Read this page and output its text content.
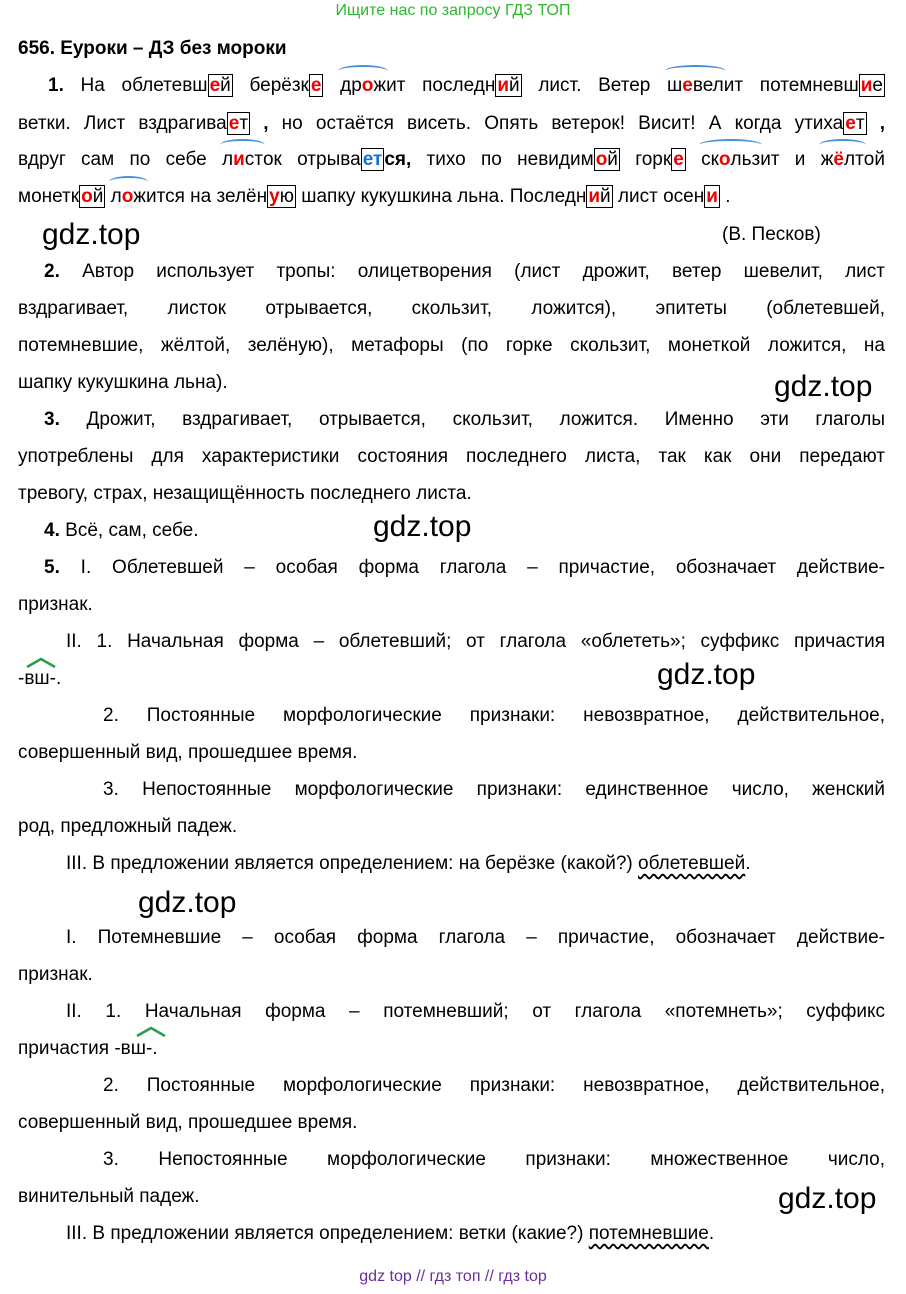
Ищите нас по запросу ГДЗ ТОП
656. Еуроки – ДЗ без мороки
1. На облетевш ей берёзк е дрожит последн ий лист. Ветер шевелит потемневш ие
ветки. Лист вздрагива ет , но остаётся висеть. Опять ветерок! Висит! А когда утиха ет ,
вдруг сам по себе листок отрыва ет ся, тихо по невидим ой горк е скользит и жёлтой
монетк ой ложится на зелён ую шапку кукушкина льна. Последн ий лист осен и .
gdz.top	(В. Песков)
2. Автор использует тропы: олицетворения (лист дрожит, ветер шевелит, лист
вздрагивает, листок отрывается, скользит, ложится), эпитеты (облетевшей,
потемневшие, жёлтой, зелёную), метафоры (по горке скользит, монеткой ложится, на
шапку кукушкина льна).	gdz.top
3. Дрожит, вздрагивает, отрывается, скользит, ложится. Именно эти глаголы
употреблены для характеристики состояния последнего листа, так как они передают
тревогу, страх, незащищённость последнего листа.
4. Всё, сам, себе.	gdz.top
5. I. Облетевшей – особая форма глагола – причастие, обозначает действие-
признак.
II. 1. Начальная форма – облетевший; от глагола «облететь»; суффикс причастия
-вш-.	gdz.top
2. Постоянные морфологические признаки: невозвратное, действительное,
совершенный вид, прошедшее время.
3. Непостоянные морфологические признаки: единственное число, женский
род, предложный падеж.
III. В предложении является определением: на берёзке (какой?) облетевшей.
gdz.top
I. Потемневшие – особая форма глагола – причастие, обозначает действие-
признак.
II. 1. Начальная форма – потемневший; от глагола «потемнеть»; суффикс
причастия -вш-.
2. Постоянные морфологические признаки: невозвратное, действительное,
совершенный вид, прошедшее время.
3. Непостоянные морфологические признаки: множественное число,
винительный падеж.	gdz.top
III. В предложении является определением: ветки (какие?) потемневшие.
gdz top // гдз топ // гдз top
